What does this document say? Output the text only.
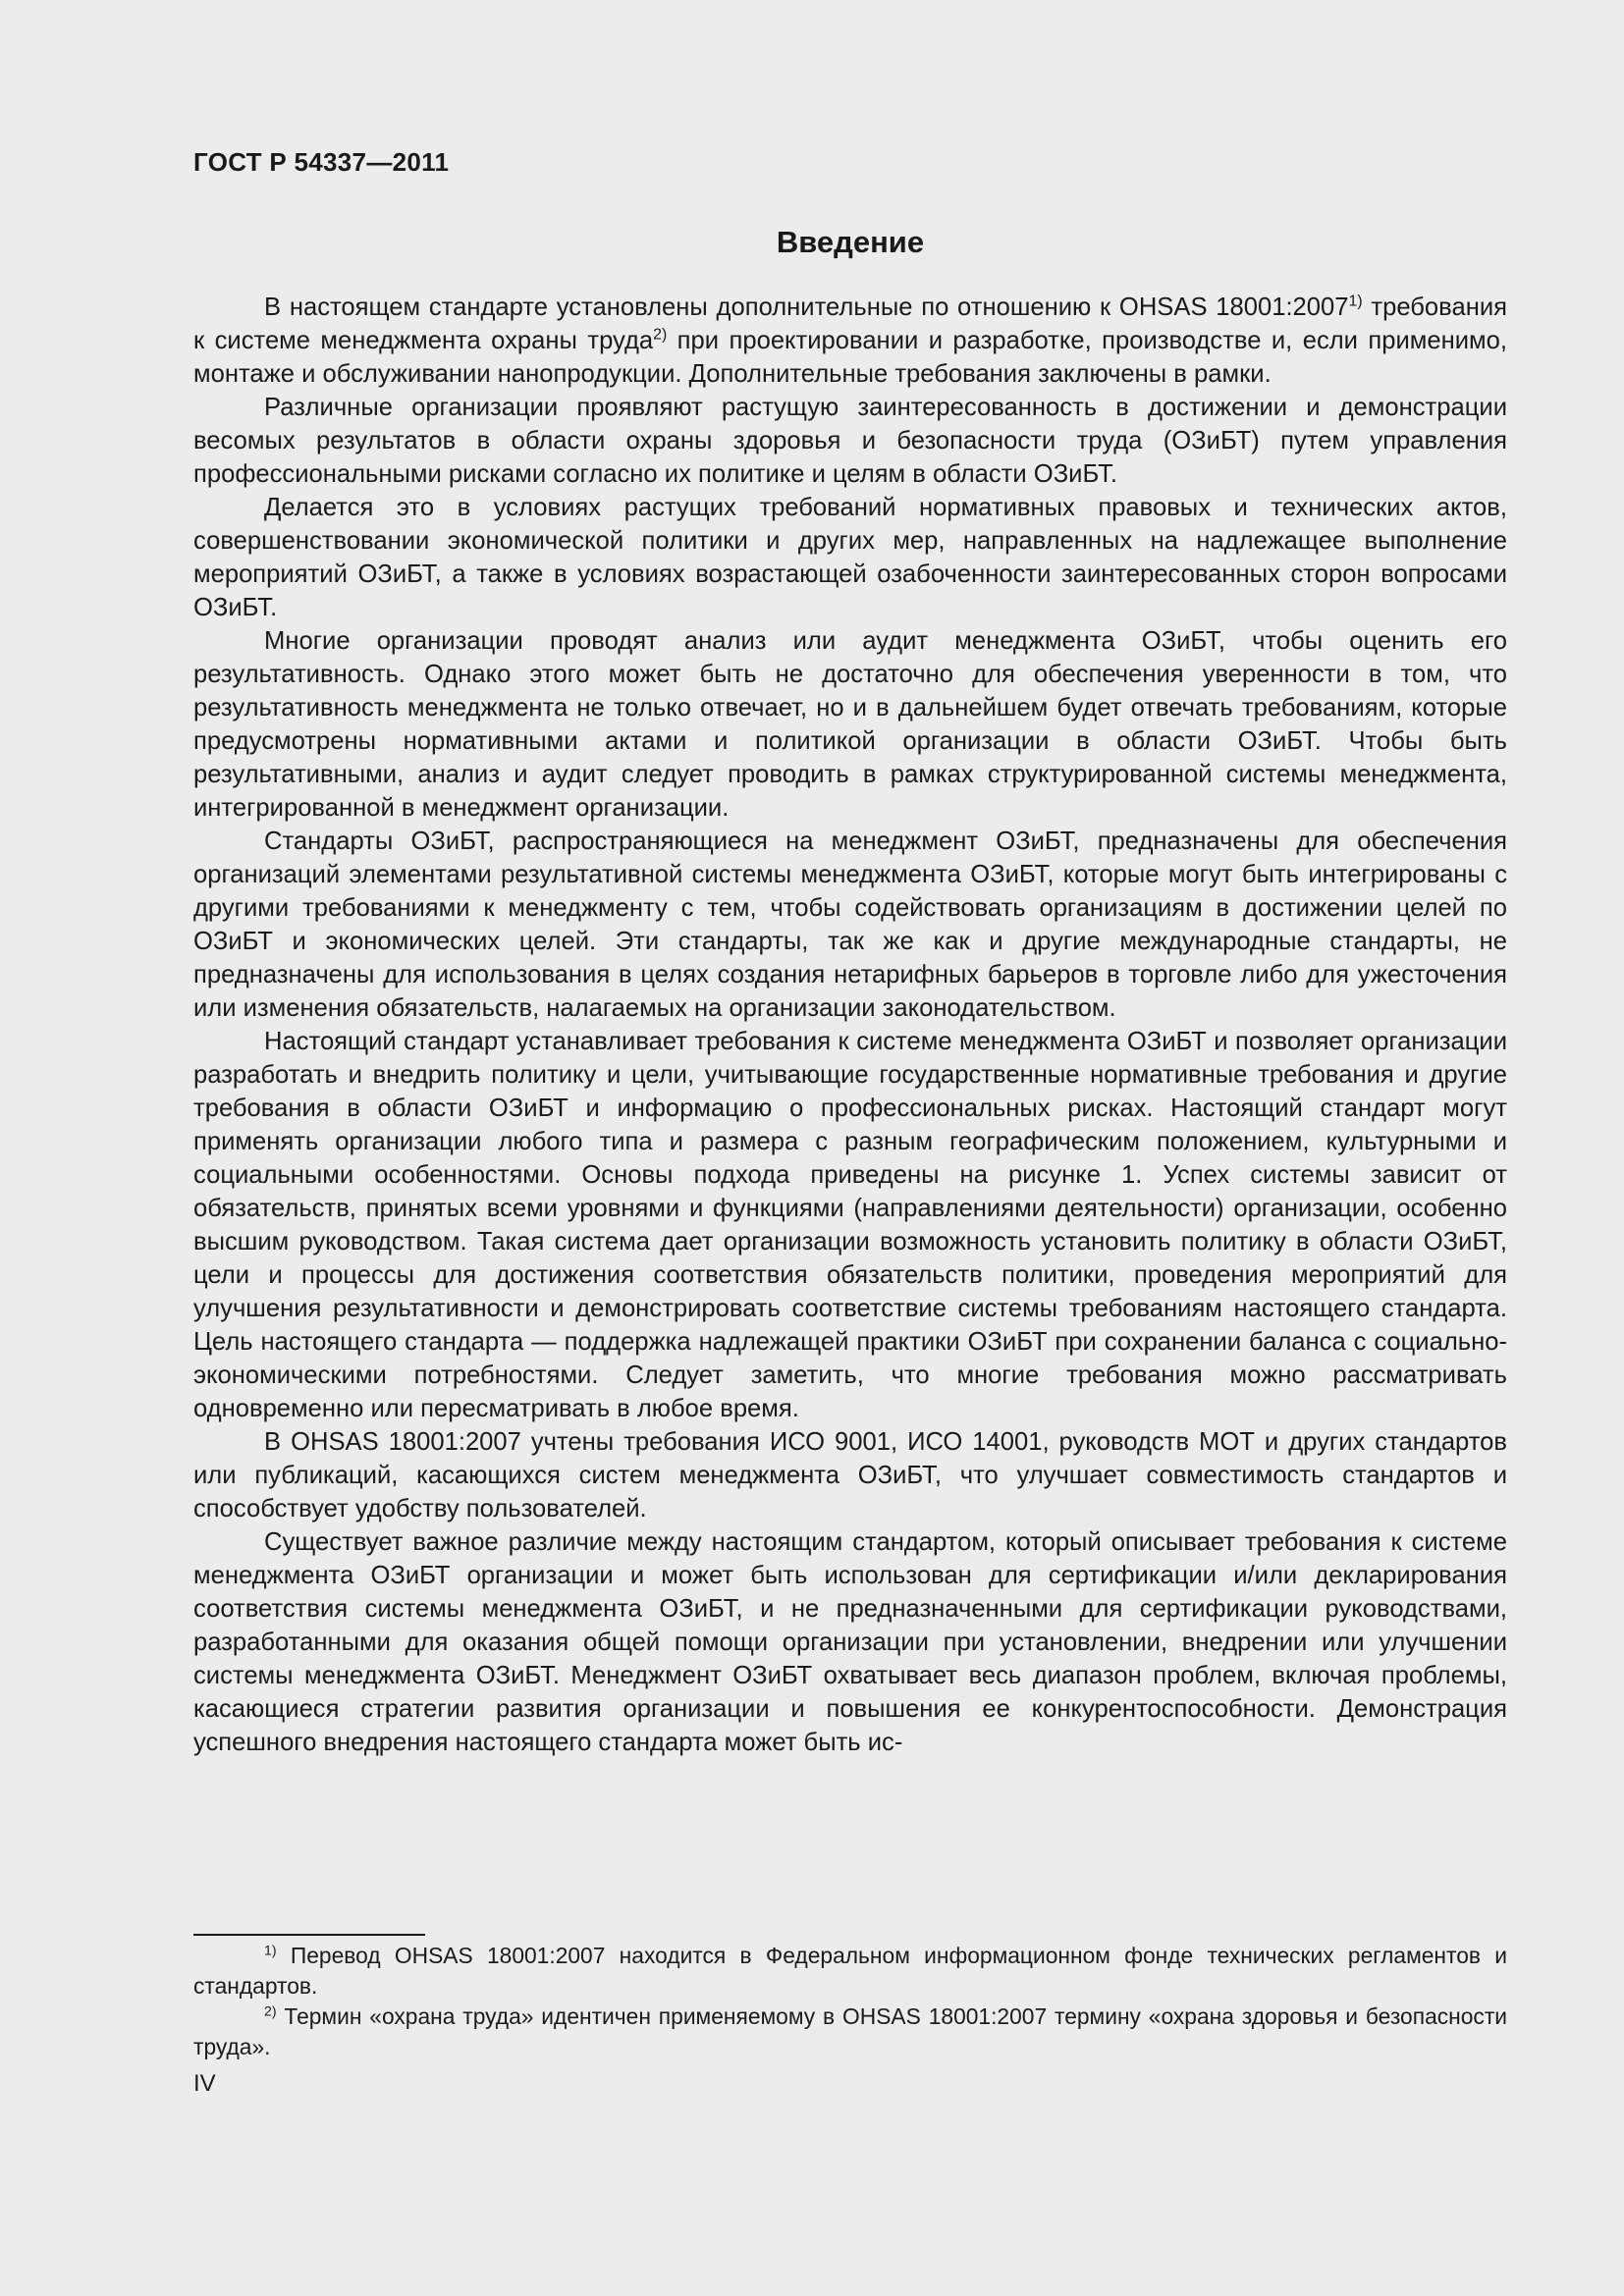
ГОСТ Р 54337—2011
Введение

В настоящем стандарте установлены дополнительные по отношению к OHSAS 18001:2007$^{1)}$ требования к системе менеджмента охраны труда$^{2)}$ при проектировании и разработке, производстве и, если применимо, монтаже и обслуживании нанопродукции. Дополнительные требования заключены в рамки.

Различные организации проявляют растущую заинтересованность в достижении и демонстрации весомых результатов в области охраны здоровья и безопасности труда (ОЗиБТ) путем управления профессиональными рисками согласно их политике и целям в области ОЗиБТ.

Делается это в условиях растущих требований нормативных правовых и технических актов, совершенствовании экономической политики и других мер, направленных на надлежащее выполнение мероприятий ОЗиБТ, а также в условиях возрастающей озабоченности заинтересованных сторон вопросами ОЗиБТ.

Многие организации проводят анализ или аудит менеджмента ОЗиБТ, чтобы оценить его результативность. Однако этого может быть не достаточно для обеспечения уверенности в том, что результативность менеджмента не только отвечает, но и в дальнейшем будет отвечать требованиям, которые предусмотрены нормативными актами и политикой организации в области ОЗиБТ. Чтобы быть результативными, анализ и аудит следует проводить в рамках структурированной системы менеджмента, интегрированной в менеджмент организации.

Стандарты ОЗиБТ, распространяющиеся на менеджмент ОЗиБТ, предназначены для обеспечения организаций элементами результативной системы менеджмента ОЗиБТ, которые могут быть интегрированы с другими требованиями к менеджменту с тем, чтобы содействовать организациям в достижении целей по ОЗиБТ и экономических целей. Эти стандарты, так же как и другие международные стандарты, не предназначены для использования в целях создания нетарифных барьеров в торговле либо для ужесточения или изменения обязательств, налагаемых на организации законодательством.

Настоящий стандарт устанавливает требования к системе менеджмента ОЗиБТ и позволяет организации разработать и внедрить политику и цели, учитывающие государственные нормативные требования и другие требования в области ОЗиБТ и информацию о профессиональных рисках. Настоящий стандарт могут применять организации любого типа и размера с разным географическим положением, культурными и социальными особенностями. Основы подхода приведены на рисунке 1. Успех системы зависит от обязательств, принятых всеми уровнями и функциями (направлениями деятельности) организации, особенно высшим руководством. Такая система дает организации возможность установить политику в области ОЗиБТ, цели и процессы для достижения соответствия обязательств политики, проведения мероприятий для улучшения результативности и демонстрировать соответствие системы требованиям настоящего стандарта. Цель настоящего стандарта — поддержка надлежащей практики ОЗиБТ при сохранении баланса с социально-экономическими потребностями. Следует заметить, что многие требования можно рассматривать одновременно или пересматривать в любое время.

В OHSAS 18001:2007 учтены требования ИСО 9001, ИСО 14001, руководств МОТ и других стандартов или публикаций, касающихся систем менеджмента ОЗиБТ, что улучшает совместимость стандартов и способствует удобству пользователей.

Существует важное различие между настоящим стандартом, который описывает требования к системе менеджмента ОЗиБТ организации и может быть использован для сертификации и/или декларирования соответствия системы менеджмента ОЗиБТ, и не предназначенными для сертификации руководствами, разработанными для оказания общей помощи организации при установлении, внедрении или улучшении системы менеджмента ОЗиБТ. Менеджмент ОЗиБТ охватывает весь диапазон проблем, включая проблемы, касающиеся стратегии развития организации и повышения ее конкурентоспособности. Демонстрация успешного внедрения настоящего стандарта может быть ис-

$^{1)}$ Перевод OHSAS 18001:2007 находится в Федеральном информационном фонде технических регламентов и стандартов.

$^{2)}$ Термин «охрана труда» идентичен применяемому в OHSAS 18001:2007 термину «охрана здоровья и безопасности труда».

IV
